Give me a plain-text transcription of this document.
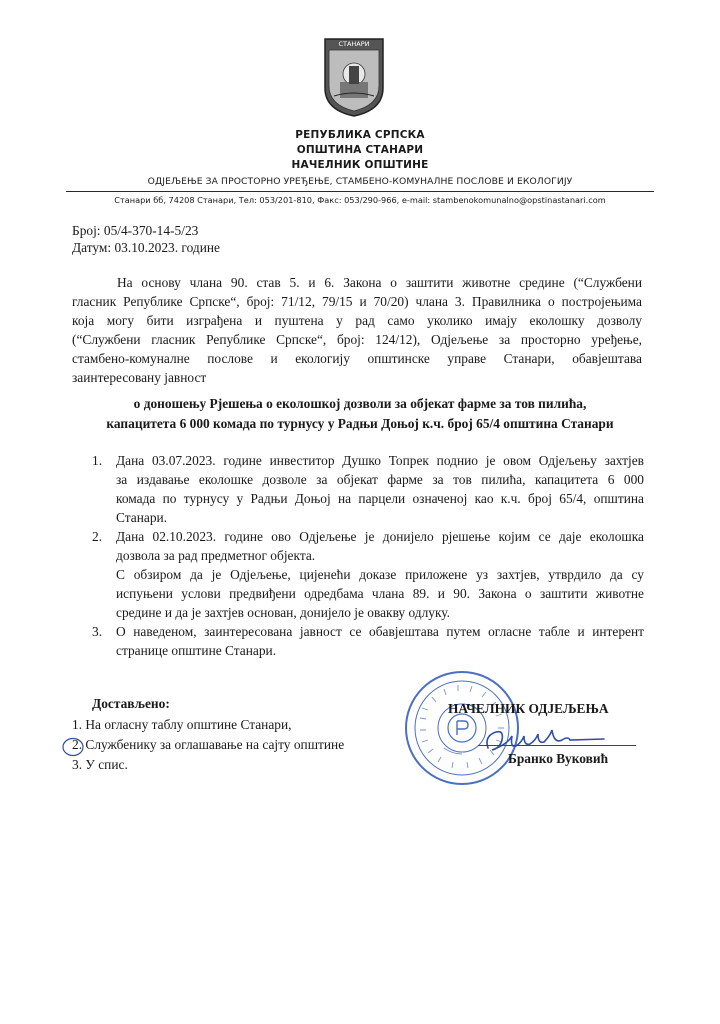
СТАНАРИ
РЕПУБЛИКА СРПСКА
ОПШТИНА СТАНАРИ
НАЧЕЛНИК ОПШТИНЕ
ОДЈЕЉЕЊЕ ЗА ПРОСТОРНО УРЕЂЕЊЕ, СТАМБЕНО-КОМУНАЛНЕ ПОСЛОВЕ И ЕКОЛОГИЈУ
Станари бб, 74208 Станари, Тел: 053/201-810, Факс: 053/290-966, e-mail: stambenokomunalno@opstinastanari.com
Број: 05/4-370-14-5/23
Датум: 03.10.2023. године
На основу члана 90. став 5. и 6. Закона о заштити животне средине (“Службени
гласник Републике Српске“, број: 71/12, 79/15 и 70/20) члана 3. Правилника о постројењима
која могу бити изграђена и пуштена у рад само уколико имају еколошку дозволу
(“Службени гласник Републике Српске“, број: 124/12), Одјељење за просторно уређење,
стамбено-комуналне послове и екологију општинске управе Станари, обавјештава
заинтересовану јавност
о доношењу Рјешења о еколошкој дозволи за објекат фарме за тов пилића,
капацитета 6 000 комада по турнусу у Радњи Доњој к.ч. број 65/4 општина Станари
1.	Дана 03.07.2023. године инвеститор Душко Топрек поднио је овом Одјељењу захтјев
за издавање еколошке дозволе за објекат фарме за тов пилића, капацитета 6 000
комада по турнусу у Радњи Доњој на парцели означеној као к.ч. број 65/4, општина
Станари.
2.	Дана 02.10.2023. године ово Одјељење је донијело рјешење којим се даје еколошка
дозвола за рад предметног објекта.
С обзиром да је Одјељење, цијенећи доказе приложене уз захтјев, утврдило да су
испуњени услови предвиђени одредбама члана 89. и 90. Закона о заштити животне
средине и да је захтјев основан, донијело је овакву одлуку.
3.	О наведеном, заинтересована јавност се обавјештава путем огласне табле и интерент
странице општине Станари.
Достављено:
1. На огласну таблу општине Станари,
2. Службенику за оглашавање на сајту општине
3. У спис.
НАЧЕЛНИК ОДЈЕЉЕЊА
Бранко Вуковић
